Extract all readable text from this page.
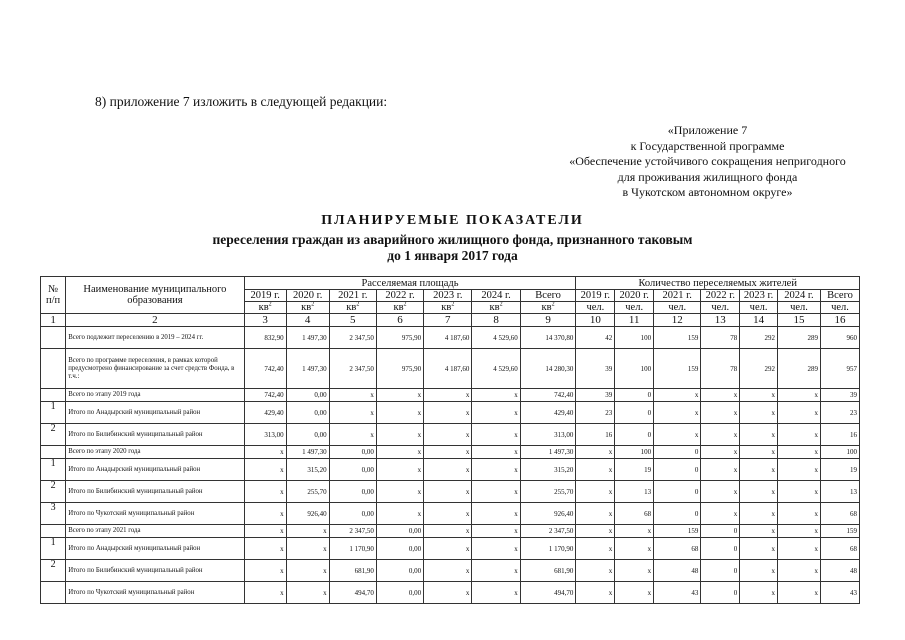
8) приложение 7 изложить в следующей редакции:
«Приложение 7
к Государственной программе
«Обеспечение устойчивого сокращения непригодного
для проживания жилищного фонда
в Чукотском автономном округе»
ПЛАНИРУЕМЫЕ ПОКАЗАТЕЛИ
переселения граждан из аварийного жилищного фонда, признанного таковым
до 1 января 2017 года
№ п/п	Наименование муниципального образования	Расселяемая площадь							Количество переселяемых жителей						
		2019 г.	2020 г.	2021 г.	2022 г.	2023 г.	2024 г.	Всего	2019 г.	2020 г.	2021 г.	2022 г.	2023 г.	2024 г.	Всего
		$кв^2$	$кв^2$	$кв^2$	$кв^2$	$кв^2$	$кв^2$	$кв^2$	чел.	чел.	чел.	чел.	чел.	чел.	чел.
1	2	3	4	5	6	7	8	9	10	11	12	13	14	15	16
	Всего подлежит переселению в 2019 – 2024 гг.	832,90	1 497,30	2 347,50	975,90	4 187,60	4 529,60	14 370,80	42	100	159	78	292	289	960
	Всего по программе переселения, в рамках которой предусмотрено финансирование за счет средств Фонда, в т.ч.:	742,40	1 497,30	2 347,50	975,90	4 187,60	4 529,60	14 280,30	39	100	159	78	292	289	957
	Всего по этапу 2019 года	742,40	0,00	x	x	x	x	742,40	39	0	x	x	x	x	39
1	Итого по Анадырский муниципальный район	429,40	0,00	x	x	x	x	429,40	23	0	x	x	x	x	23
2	Итого по Билибинский муниципальный район	313,00	0,00	x	x	x	x	313,00	16	0	x	x	x	x	16
	Всего по этапу 2020 года	x	1 497,30	0,00	x	x	x	1 497,30	x	100	0	x	x	x	100
1	Итого по Анадырский муниципальный район	x	315,20	0,00	x	x	x	315,20	x	19	0	x	x	x	19
2	Итого по Билибинский муниципальный район	x	255,70	0,00	x	x	x	255,70	x	13	0	x	x	x	13
3	Итого по Чукотский муниципальный район	x	926,40	0,00	x	x	x	926,40	x	68	0	x	x	x	68
	Всего по этапу 2021 года	x	x	2 347,50	0,00	x	x	2 347,50	x	x	159	0	x	x	159
1	Итого по Анадырский муниципальный район	x	x	1 170,90	0,00	x	x	1 170,90	x	x	68	0	x	x	68
2	Итого по Билибинский муниципальный район	x	x	681,90	0,00	x	x	681,90	x	x	48	0	x	x	48
	Итого по Чукотский муниципальный район	x	x	494,70	0,00	x	x	494,70	x	x	43	0	x	x	43
